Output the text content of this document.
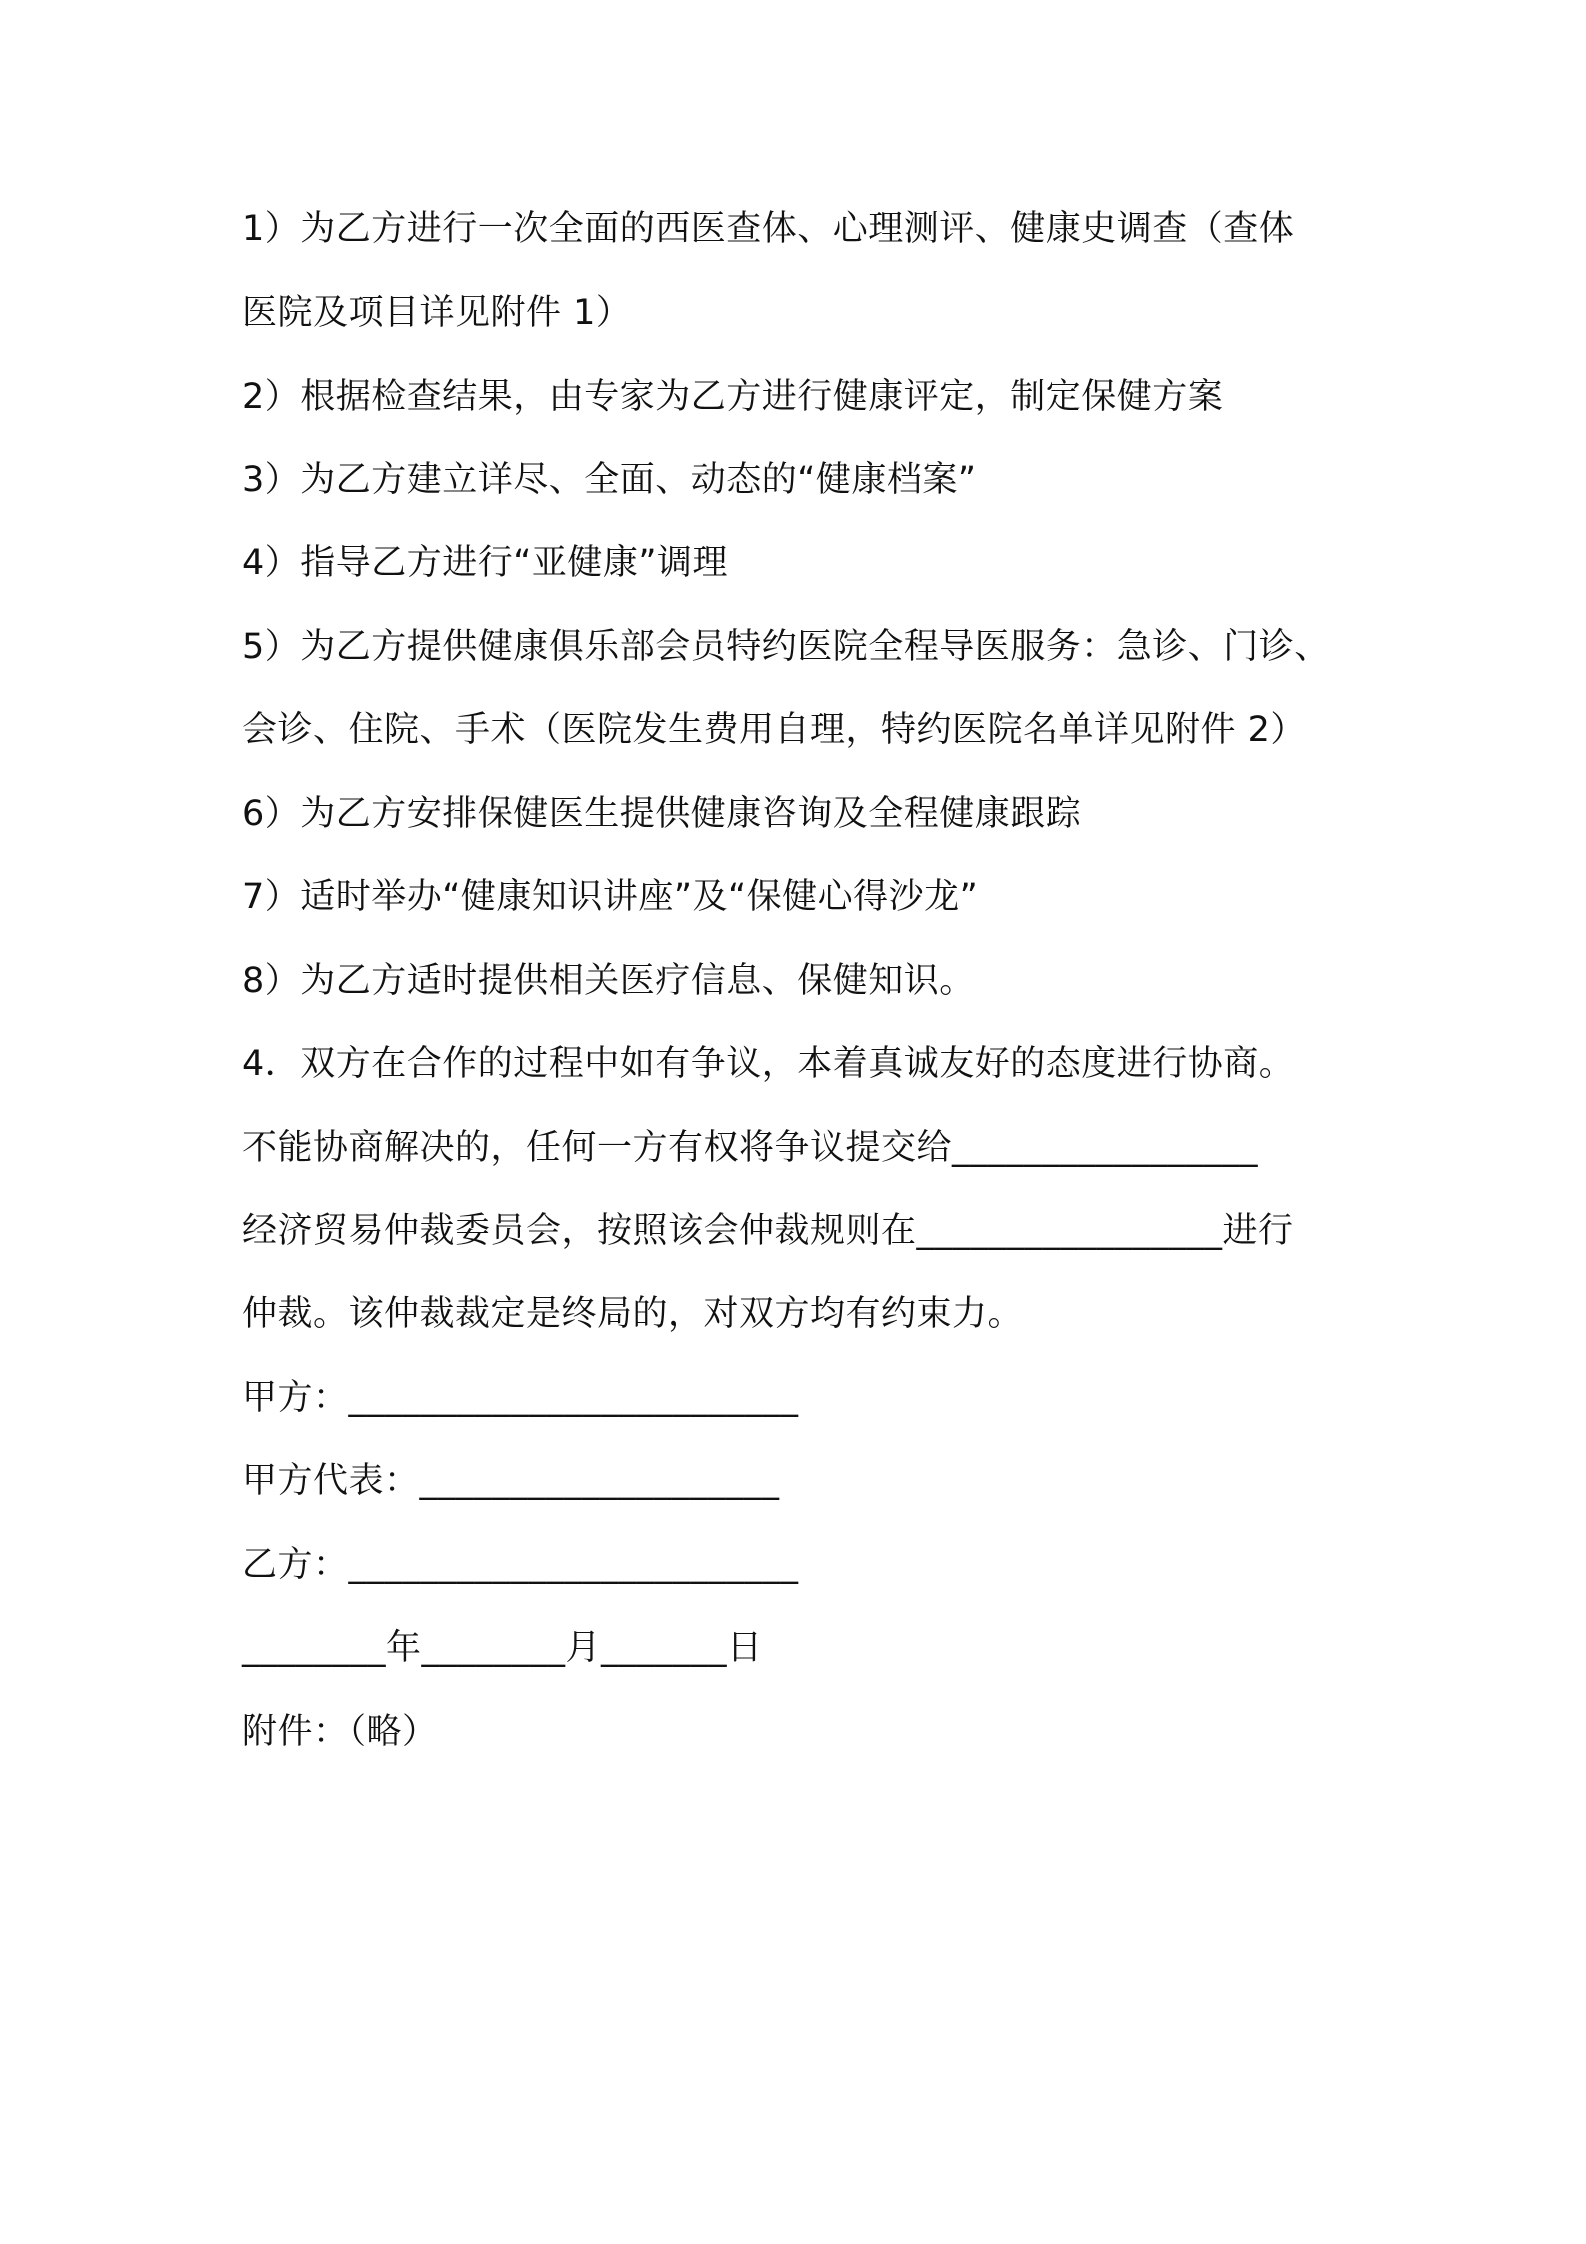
1）为乙方进行一次全面的西医查体、心理测评、健康史调查（查体
医院及项目详见附件 1）
2）根据检查结果，由专家为乙方进行健康评定，制定保健方案
3）为乙方建立详尽、全面、动态的“健康档案”
4）指导乙方进行“亚健康”调理
5）为乙方提供健康俱乐部会员特约医院全程导医服务：急诊、门诊、
会诊、住院、手术（医院发生费用自理，特约医院名单详见附件 2）
6）为乙方安排保健医生提供健康咨询及全程健康跟踪
7）适时举办“健康知识讲座”及“保健心得沙龙”
8）为乙方适时提供相关医疗信息、保健知识。
4．双方在合作的过程中如有争议，本着真诚友好的态度进行协商。
不能协商解决的，任何一方有权将争议提交给_________________
经济贸易仲裁委员会，按照该会仲裁规则在_________________进行
仲裁。该仲裁裁定是终局的，对双方均有约束力。
甲方：_________________________
甲方代表：____________________
乙方：_________________________
________年________月_______日
附件：（略）
